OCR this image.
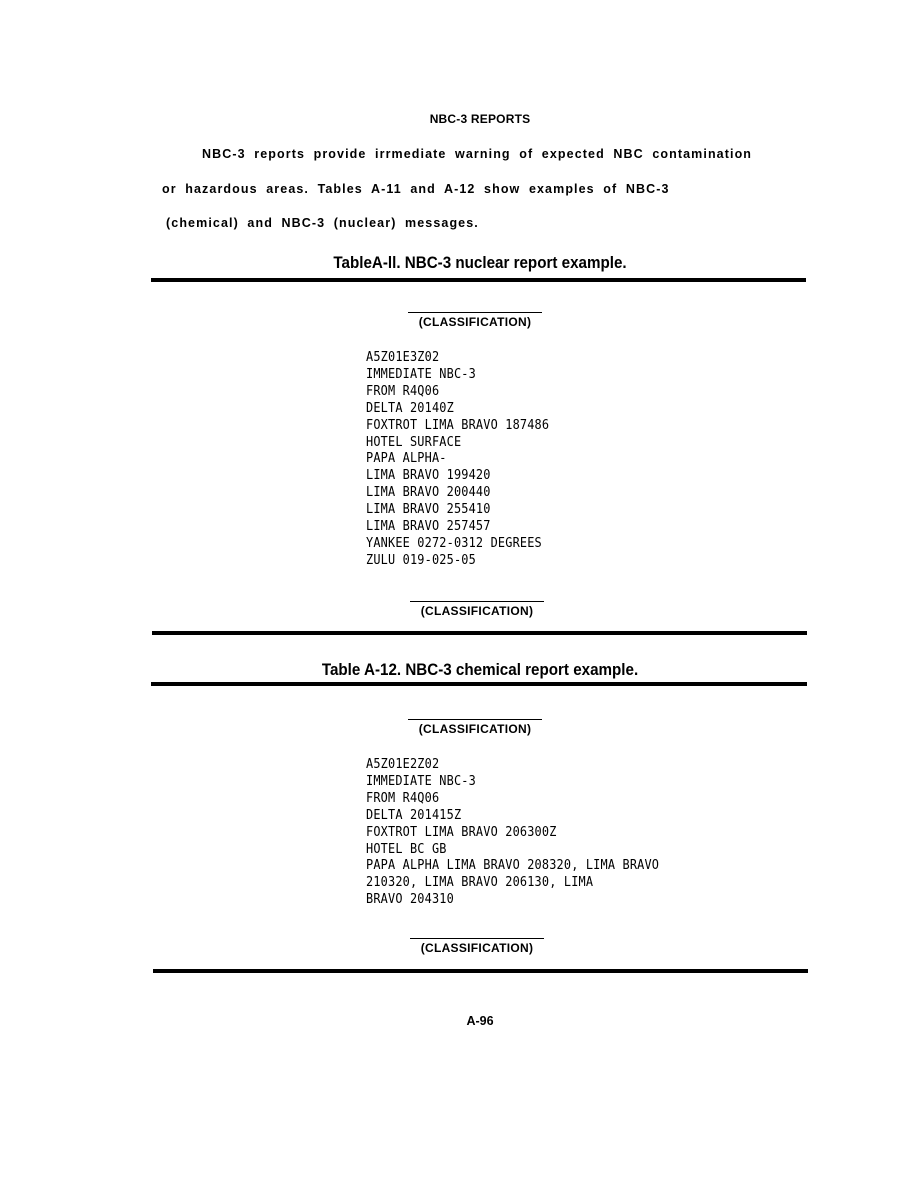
NBC-3 REPORTS
NBC-3 reports provide irrmediate warning of expected NBC contamination
or hazardous areas. Tables A-11 and A-12 show examples of NBC-3
(chemical) and NBC-3 (nuclear) messages.
TableA-ll. NBC-3 nuclear report example.
(CLASSIFICATION)
A5Z01E3Z02
IMMEDIATE NBC-3
FROM R4Q06
DELTA 20140Z
FOXTROT LIMA BRAVO 187486
HOTEL SURFACE
PAPA ALPHA-
LIMA BRAVO 199420
LIMA BRAVO 200440
LIMA BRAVO 255410
LIMA BRAVO 257457
YANKEE 0272-0312 DEGREES
ZULU 019-025-05
(CLASSIFICATION)
Table A-12. NBC-3 chemical report example.
(CLASSIFICATION)
A5Z01E2Z02
IMMEDIATE NBC-3
FROM R4Q06
DELTA 201415Z
FOXTROT LIMA BRAVO 206300Z
HOTEL BC GB
PAPA ALPHA LIMA BRAVO 208320, LIMA BRAVO
210320, LIMA BRAVO 206130, LIMA
BRAVO 204310
(CLASSIFICATION)
A-96
